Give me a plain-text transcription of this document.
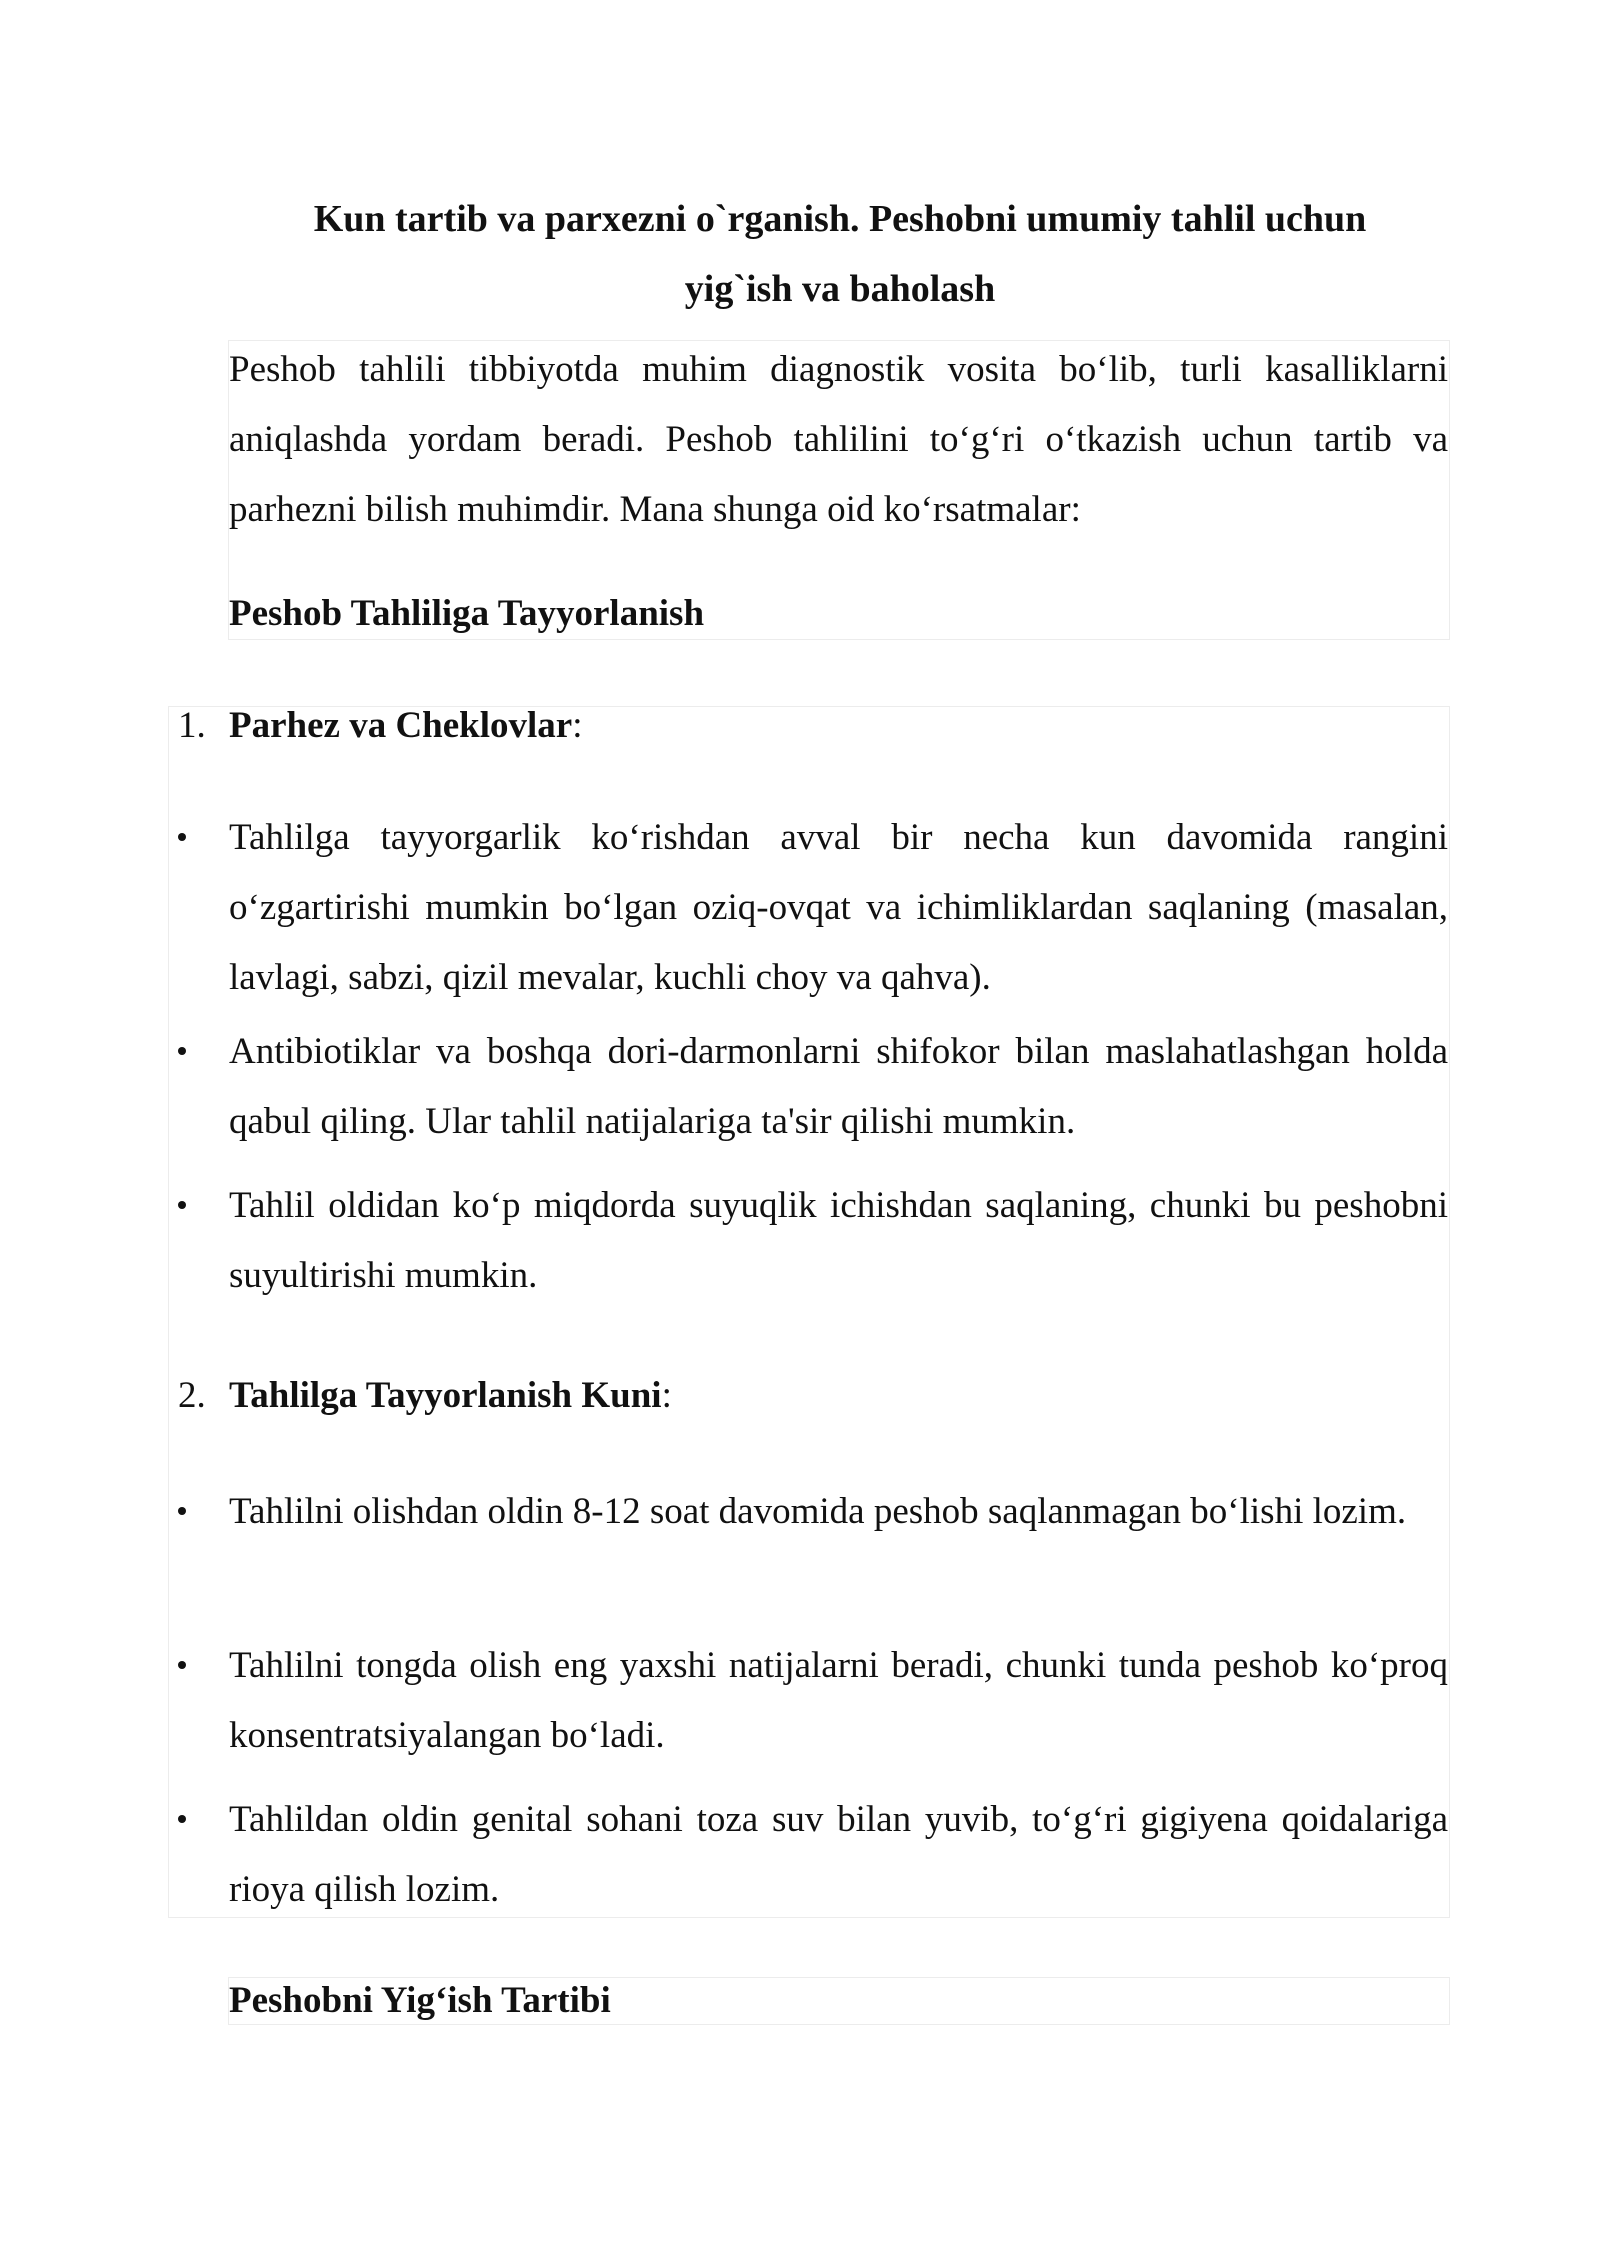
Kun tartib va parxezni o`rganish. Peshobni umumiy tahlil uchun
yig`ish va baholash

Peshob tahlili tibbiyotda muhim diagnostik vosita bo‘lib, turli kasalliklarni aniqlashda yordam beradi. Peshob tahlilini to‘g‘ri o‘tkazish uchun tartib va parhezni bilish muhimdir. Mana shunga oid ko‘rsatmalar:

Peshob Tahliliga Tayyorlanish

1. Parhez va Cheklovlar:

Tahlilga tayyorgarlik ko‘rishdan avval bir necha kun davomida rangini o‘zgartirishi mumkin bo‘lgan oziq-ovqat va ichimliklardan saqlaning (masalan, lavlagi, sabzi, qizil mevalar, kuchli choy va qahva).
Antibiotiklar va boshqa dori-darmonlarni shifokor bilan maslahatlashgan holda qabul qiling. Ular tahlil natijalariga ta'sir qilishi mumkin.
Tahlil oldidan ko‘p miqdorda suyuqlik ichishdan saqlaning, chunki bu peshobni suyultirishi mumkin.

2. Tahlilga Tayyorlanish Kuni:

Tahlilni olishdan oldin 8-12 soat davomida peshob saqlanmagan bo‘lishi lozim.
Tahlilni tongda olish eng yaxshi natijalarni beradi, chunki tunda peshob ko‘proq konsentratsiyalangan bo‘ladi.
Tahlildan oldin genital sohani toza suv bilan yuvib, to‘g‘ri gigiyena qoidalariga rioya qilish lozim.
Peshobni Yig‘ish Tartibi
